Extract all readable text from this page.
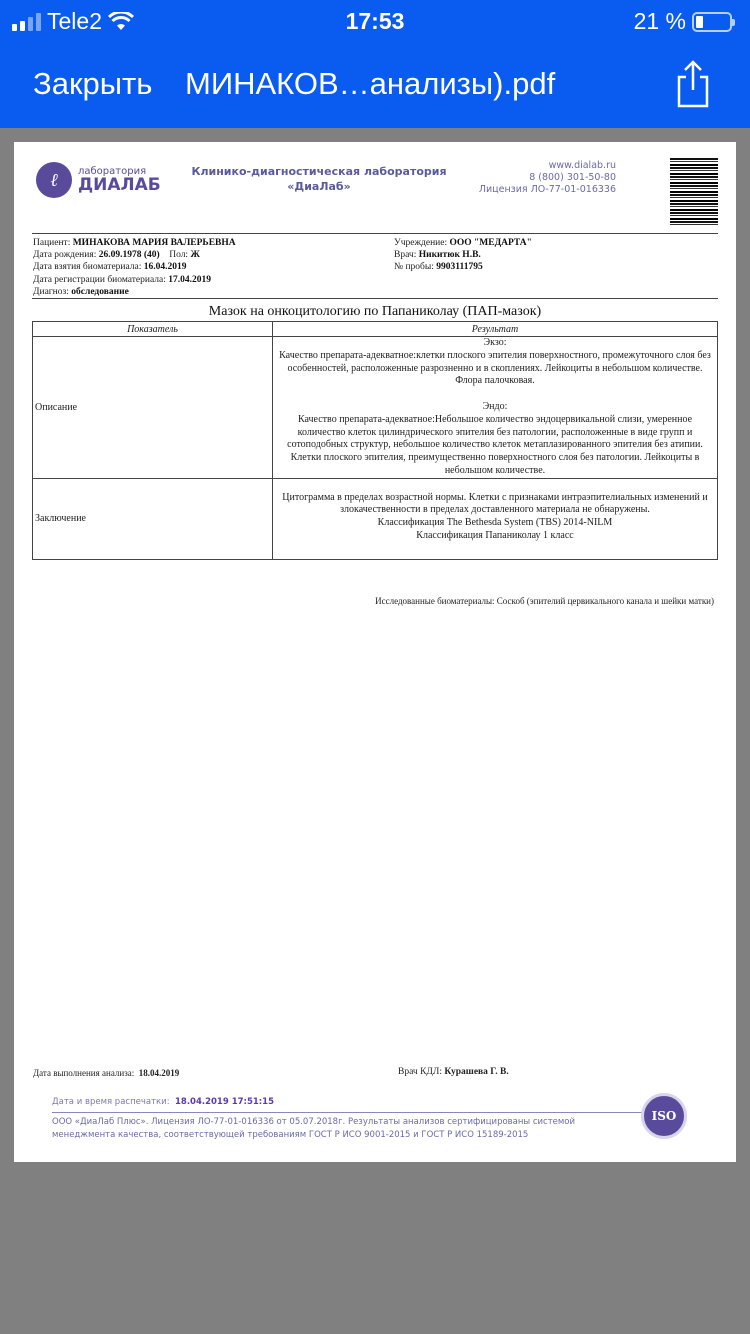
Tele2	17:53	21 %
Закрыть МИНАКОВ…анализы).pdf
ℓ	лаборатория
ДИАЛАБ
Клинико-диагностическая лаборатория
«ДиаЛаб»
www.dialab.ru
8 (800) 301-50-80
Лицензия ЛО-77-01-016336
Пациент: МИНАКОВА МАРИЯ ВАЛЕРЬЕВНА
Дата рождения: 26.09.1978 (40) Пол: Ж
Дата взятия биоматериала: 16.04.2019
Дата регистрации биоматериала: 17.04.2019
Диагноз: обследование
Учреждение: ООО "МЕДАРТА"
Врач: Никитюк Н.В.
№ пробы: 9903111795
Мазок на онкоцитологию по Папаниколау (ПАП-мазок)
Показатель	Результат
Описание	Экзо:
Качество препарата-адекватное:клетки плоского эпителия поверхностного, промежуточного слоя без особенностей, расположенные разрозненно и в скоплениях. Лейкоциты в небольшом количестве. Флора палочковая.
Эндо:
Качество препарата-адекватное:Небольшое количество эндоцервикальной слизи, умеренное количество клеток цилиндрического эпителия без патологии, расположенные в виде групп и сотоподобных структур, небольшое количество клеток метаплазированного эпителия без атипии. Клетки плоского эпителия, преимущественно поверхностного слоя без патологии. Лейкоциты в небольшом количестве.

Заключение	Цитограмма в пределах возрастной нормы. Клетки с признаками интраэпителиальных изменений и злокачественности в пределах доставленного материала не обнаружены.
Классификация The Bethesda System (TBS) 2014-NILM
Классификация Папаниколау 1 класс
Исследованные биоматериалы: Соскоб (эпителий цервикального канала и шейки матки)
Дата выполнения анализа: 18.04.2019	Врач КДЛ: Курашева Г. В.
Дата и время распечатки: 18.04.2019 17:51:15
ООО «ДиаЛаб Плюс». Лицензия ЛО-77-01-016336 от 05.07.2018г. Результаты анализов сертифицированы системой
менеджмента качества, соответствующей требованиям ГОСТ Р ИСО 9001-2015 и ГОСТ Р ИСО 15189-2015
ISO
